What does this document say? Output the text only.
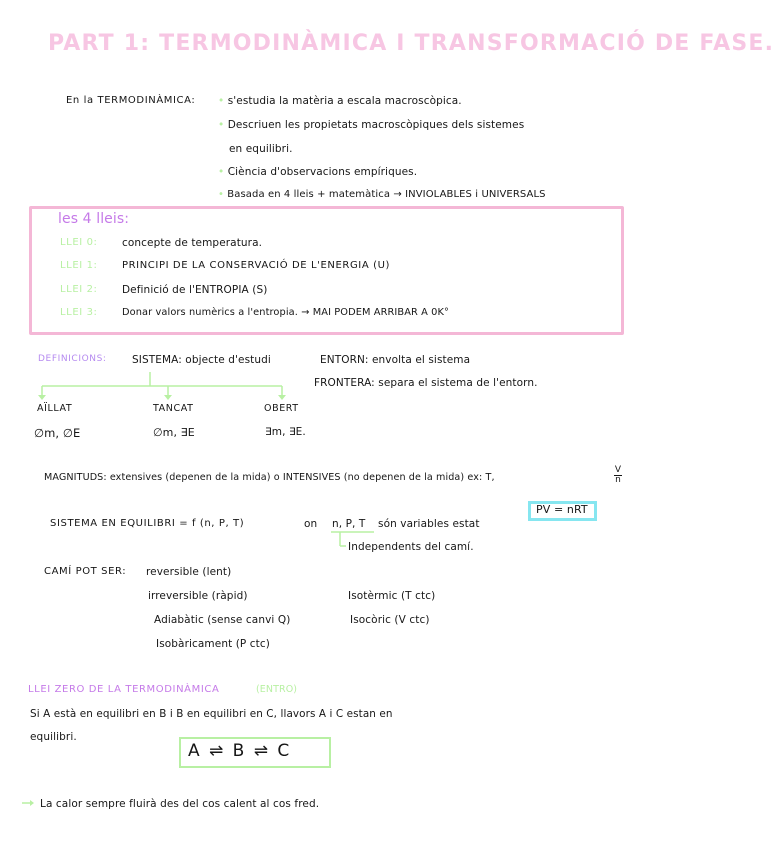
PART 1: TERMODINÀMICA I TRANSFORMACIÓ DE FASE.
En la TERMODINÀMICA: • s'estudia la matèria a escala macroscòpica.
• Descriuen les propietats macroscòpiques dels sistemes
en equilibri.
• Ciència d'observacions empíriques.
• Basada en 4 lleis + matemàtica → INVIOLABLES i UNIVERSALS
les 4 lleis:
LLEI 0: concepte de temperatura.
LLEI 1: PRINCIPI DE LA CONSERVACIÓ DE L'ENERGIA (U)
LLEI 2: Definició de l'ENTROPIA (S)
LLEI 3: Donar valors numèrics a l'entropia. → MAI PODEM ARRIBAR A 0K°
DEFINICIONS: SISTEMA: objecte d'estudi	ENTORN: envolta el sistema
FRONTERA: separa el sistema de l'entorn.
AÏLLAT
∅m, ∅E
TANCAT
∅m, ∃E
OBERT
∃m, ∃E.
MAGNITUDS: extensives (depenen de la mida) o INTENSIVES (no depenen de la mida) ex: T,
V
n
SISTEMA EN EQUILIBRI = f (n, P, T)	on n, P, T són variables estat
Independents del camí.
PV = nRT
CAMÍ POT SER: reversible (lent)
irreversible (ràpid)
Adiabàtic (sense canvi Q)
Isobàricament (P ctc)
Isotèrmic (T ctc)
Isocòric (V ctc)
LLEI ZERO DE LA TERMODINÀMICA	(ENTRO)
Si A està en equilibri en B i B en equilibri en C, llavors A i C estan en
equilibri.
A ⇌ B ⇌ C
La calor sempre fluirà des del cos calent al cos fred.
